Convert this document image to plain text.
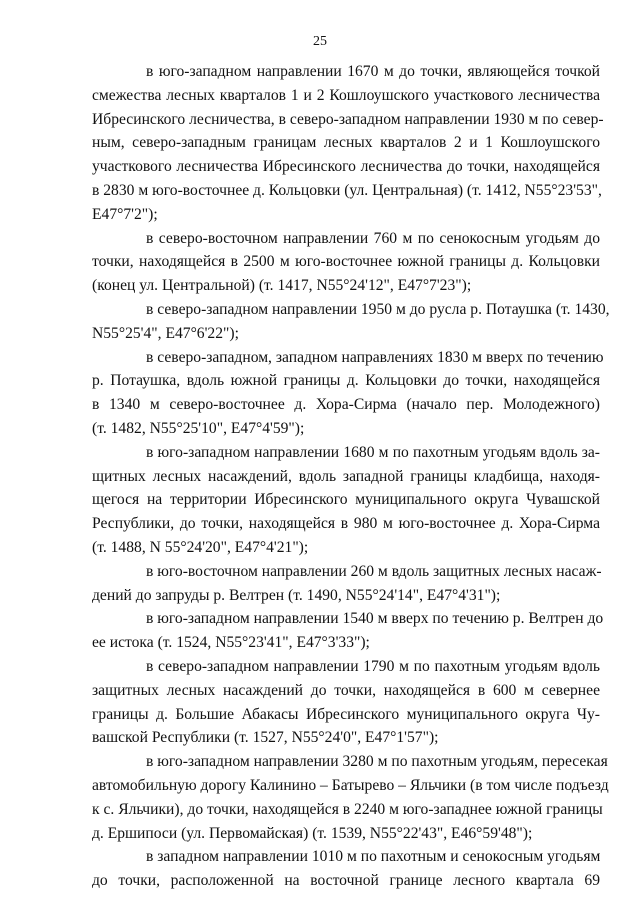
25
в юго-западном направлении 1670 м до точки, являющейся точкой
смежества лесных кварталов 1 и 2 Кошлоушского участкового лесничества
Ибресинского лесничества, в северо-западном направлении 1930 м по север-
ным, северо-западным границам лесных кварталов 2 и 1 Кошлоушского
участкового лесничества Ибресинского лесничества до точки, находящейся
в 2830 м юго-восточнее д. Кольцовки (ул. Центральная) (т. 1412, N55°23'53",
E47°7'2");
в северо-восточном направлении 760 м по сенокосным угодьям до
точки, находящейся в 2500 м юго-восточнее южной границы д. Кольцовки
(конец ул. Центральной) (т. 1417, N55°24'12", E47°7'23");
в северо-западном направлении 1950 м до русла р. Потаушка (т. 1430,
N55°25'4", E47°6'22");
в северо-западном, западном направлениях 1830 м вверх по течению
р. Потаушка, вдоль южной границы д. Кольцовки до точки, находящейся
в 1340 м северо-восточнее д. Хора-Сирма (начало пер. Молодежного)
(т. 1482, N55°25'10", E47°4'59");
в юго-западном направлении 1680 м по пахотным угодьям вдоль за-
щитных лесных насаждений, вдоль западной границы кладбища, находя-
щегося на территории Ибресинского муниципального округа Чувашской
Республики, до точки, находящейся в 980 м юго-восточнее д. Хора-Сирма
(т. 1488, N 55°24'20", E47°4'21");
в юго-восточном направлении 260 м вдоль защитных лесных насаж-
дений до запруды р. Велтрен (т. 1490, N55°24'14", E47°4'31");
в юго-западном направлении 1540 м вверх по течению р. Велтрен до
ее истока (т. 1524, N55°23'41", E47°3'33");
в северо-западном направлении 1790 м по пахотным угодьям вдоль
защитных лесных насаждений до точки, находящейся в 600 м севернее
границы д. Большие Абакасы Ибресинского муниципального округа Чу-
вашской Республики (т. 1527, N55°24'0", E47°1'57");
в юго-западном направлении 3280 м по пахотным угодьям, пересекая
автомобильную дорогу Калинино – Батырево – Яльчики (в том числе подъезд
к с. Яльчики), до точки, находящейся в 2240 м юго-западнее южной границы
д. Ершипоси (ул. Первомайская) (т. 1539, N55°22'43", E46°59'48");
в западном направлении 1010 м по пахотным и сенокосным угодьям
до точки, расположенной на восточной границе лесного квартала 69
